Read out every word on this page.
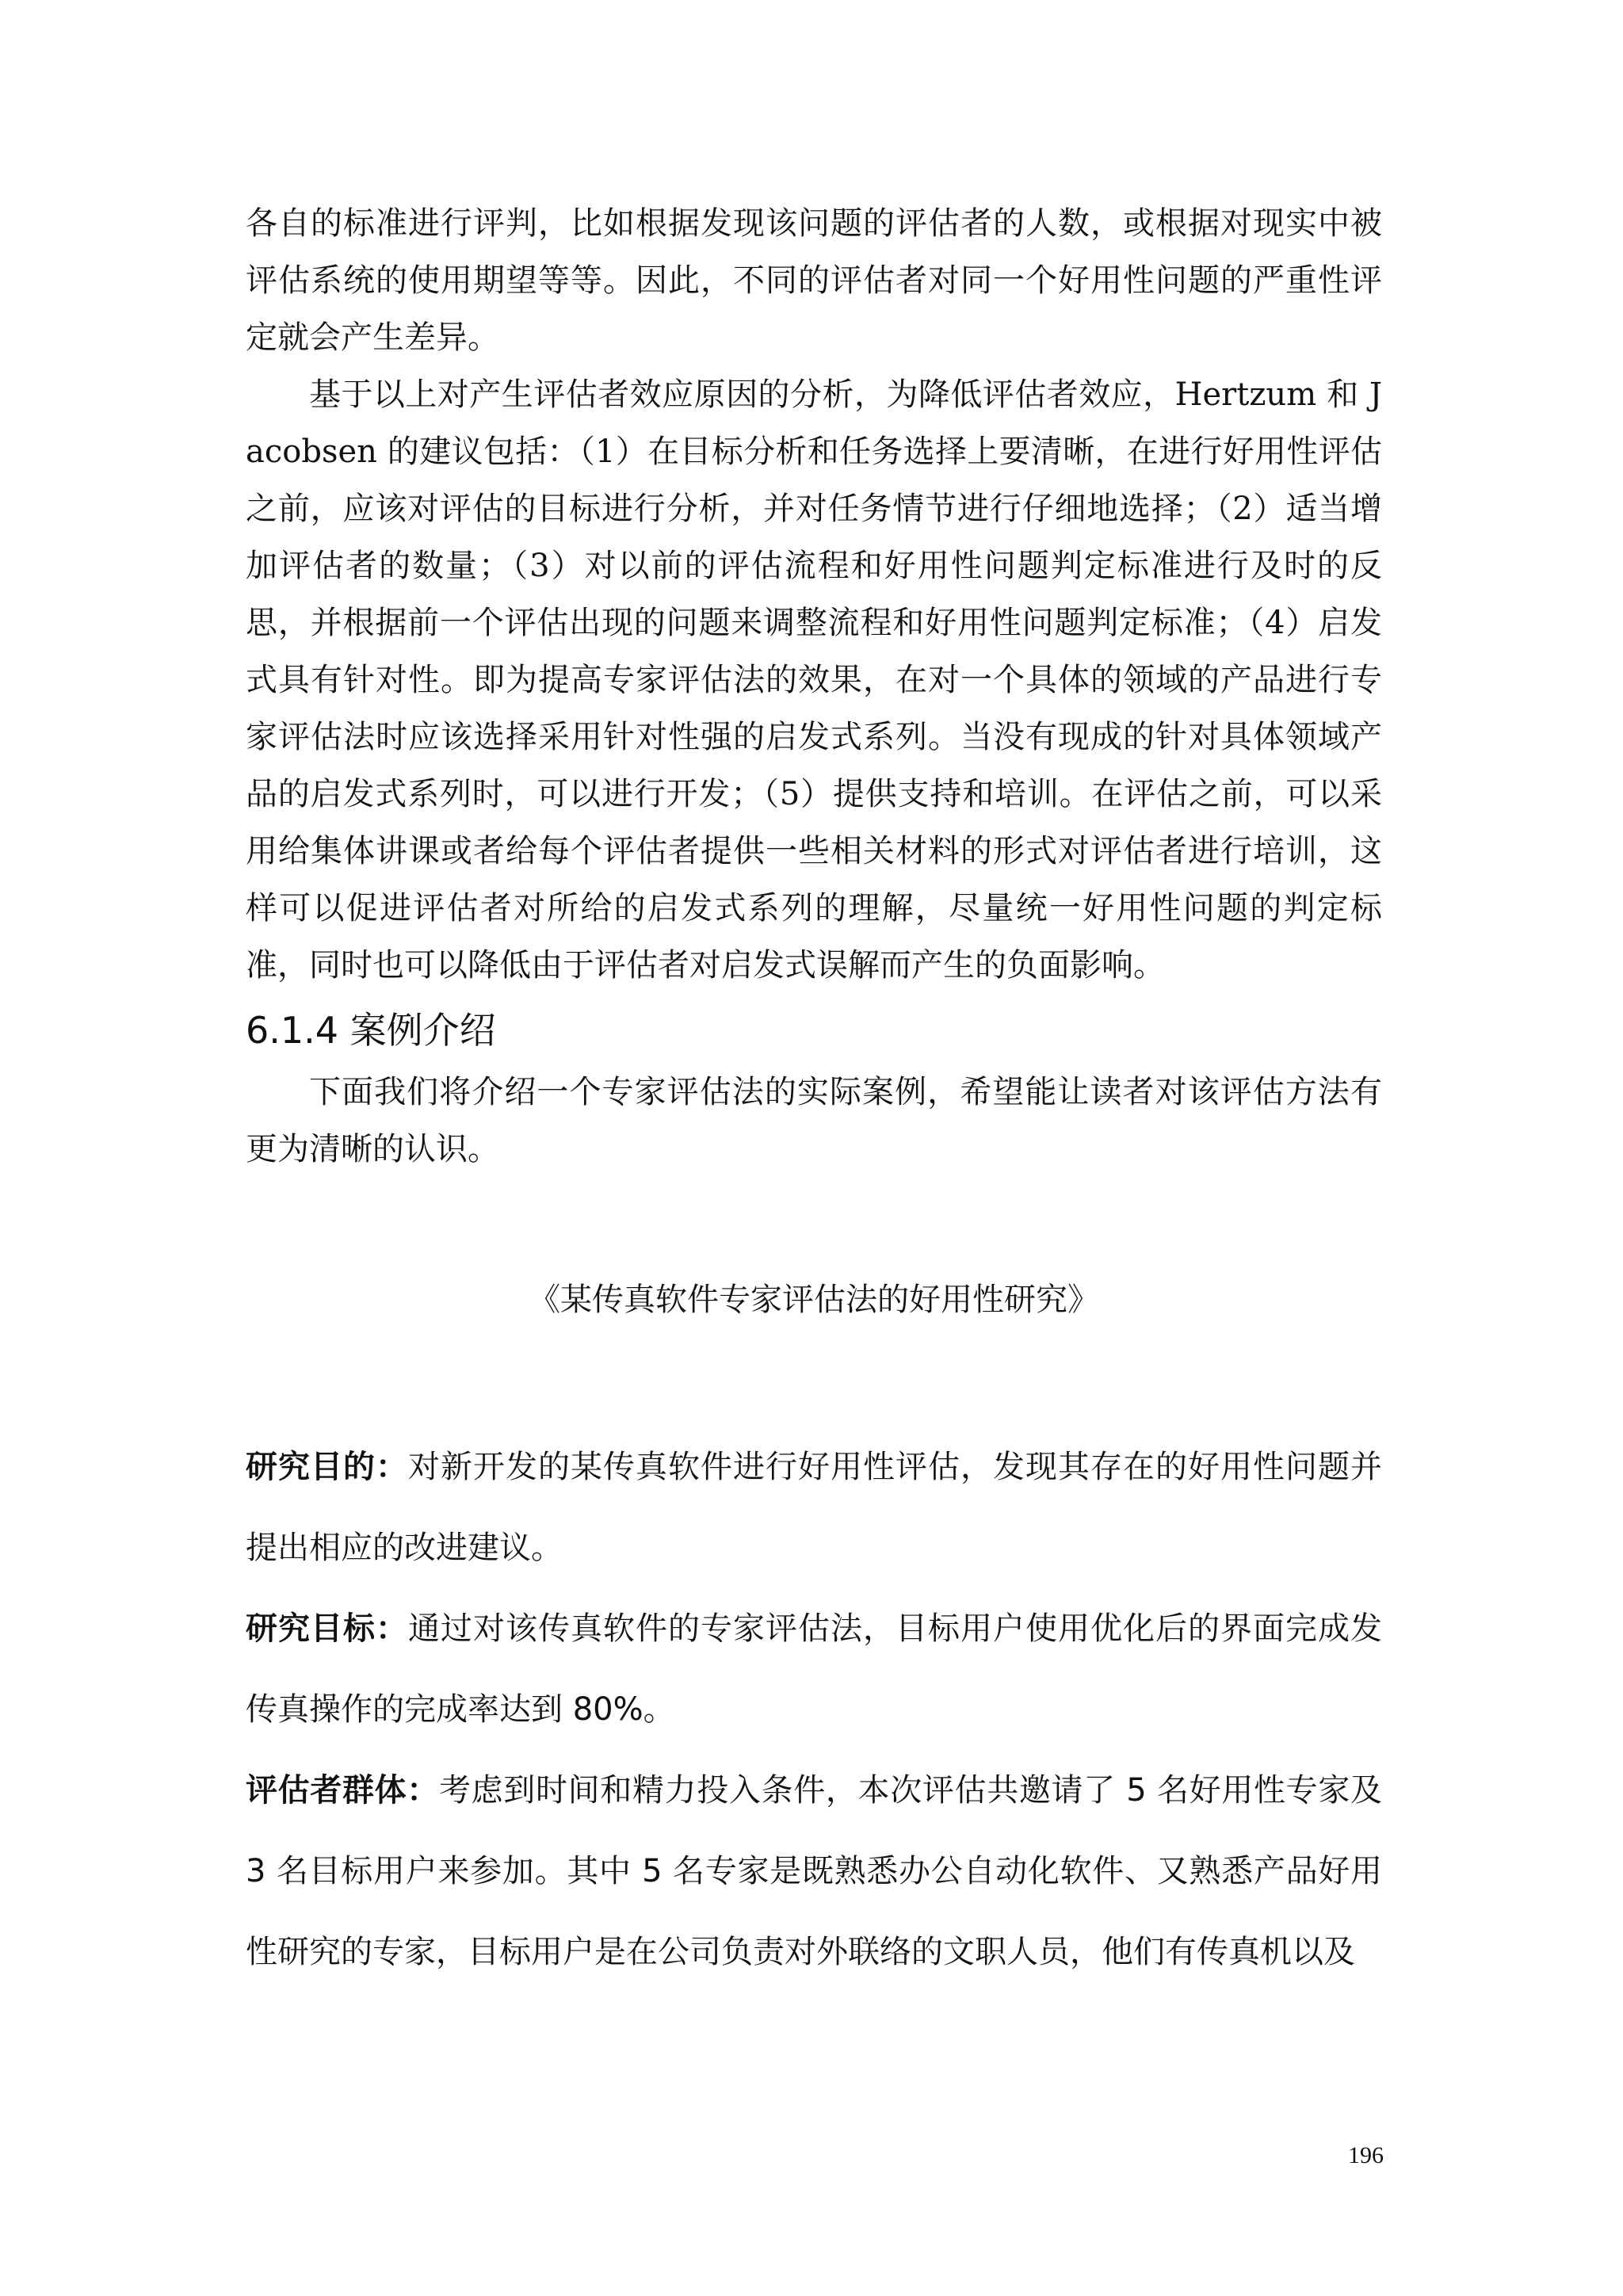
各自的标准进行评判，比如根据发现该问题的评估者的人数，或根据对现实中被评估系统的使用期望等等。因此，不同的评估者对同一个好用性问题的严重性评定就会产生差异。

基于以上对产生评估者效应原因的分析，为降低评估者效应，Hertzum 和 Jacobsen 的建议包括：（1）在目标分析和任务选择上要清晰，在进行好用性评估之前，应该对评估的目标进行分析，并对任务情节进行仔细地选择；（2）适当增加评估者的数量；（3）对以前的评估流程和好用性问题判定标准进行及时的反思，并根据前一个评估出现的问题来调整流程和好用性问题判定标准；（4）启发式具有针对性。即为提高专家评估法的效果，在对一个具体的领域的产品进行专家评估法时应该选择采用针对性强的启发式系列。当没有现成的针对具体领域产品的启发式系列时，可以进行开发；（5）提供支持和培训。在评估之前，可以采用给集体讲课或者给每个评估者提供一些相关材料的形式对评估者进行培训，这样可以促进评估者对所给的启发式系列的理解，尽量统一好用性问题的判定标准，同时也可以降低由于评估者对启发式误解而产生的负面影响。

6.1.4 案例介绍

下面我们将介绍一个专家评估法的实际案例，希望能让读者对该评估方法有更为清晰的认识。

《某传真软件专家评估法的好用性研究》

研究目的：对新开发的某传真软件进行好用性评估，发现其存在的好用性问题并提出相应的改进建议。

研究目标：通过对该传真软件的专家评估法，目标用户使用优化后的界面完成发传真操作的完成率达到 80%。

评估者群体：考虑到时间和精力投入条件，本次评估共邀请了 5 名好用性专家及 3 名目标用户来参加。其中 5 名专家是既熟悉办公自动化软件、又熟悉产品好用性研究的专家，目标用户是在公司负责对外联络的文职人员，他们有传真机以及

196
